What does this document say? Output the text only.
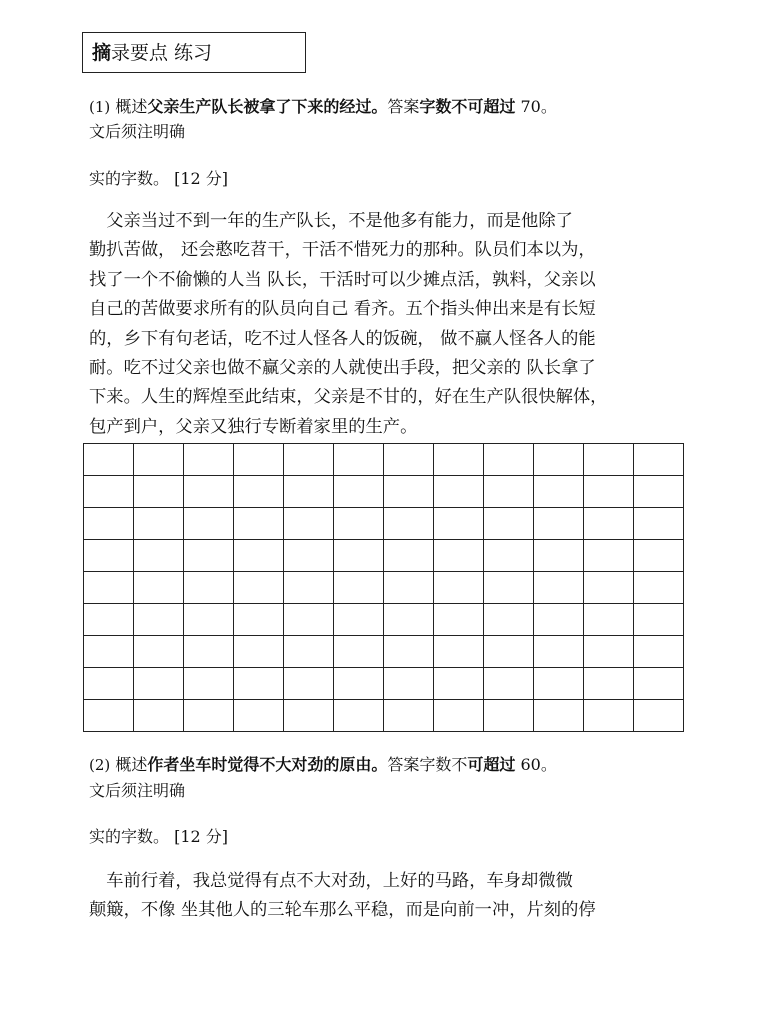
摘录要点 练习
(1) 概述父亲生产队长被拿了下来的经过。答案字数不可超过 70。
文后须注明确
实的字数。 [12 分]
　父亲当过不到一年的生产队长，不是他多有能力，而是他除了
勤扒苦做， 还会憨吃苕干，干活不惜死力的那种。队员们本以为，
找了一个不偷懒的人当 队长，干活时可以少摊点活，孰料，父亲以
自己的苦做要求所有的队员向自己 看齐。五个指头伸出来是有长短
的，乡下有句老话，吃不过人怪各人的饭碗， 做不赢人怪各人的能
耐。吃不过父亲也做不赢父亲的人就使出手段，把父亲的 队长拿了
下来。人生的辉煌至此结束，父亲是不甘的，好在生产队很快解体，
包产到户，父亲又独行专断着家里的生产。

(2) 概述作者坐车时觉得不大对劲的原由。答案字数不可超过 60。
文后须注明确
实的字数。 [12 分]
　车前行着，我总觉得有点不大对劲，上好的马路，车身却微微
颠簸，不像 坐其他人的三轮车那么平稳，而是向前一冲，片刻的停
